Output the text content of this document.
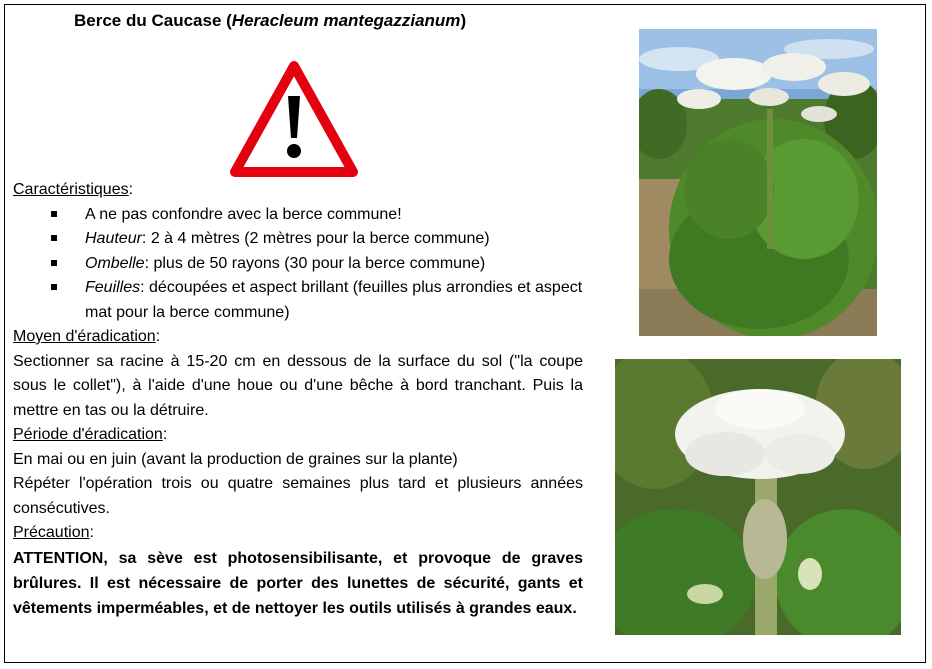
Berce du Caucase (Heracleum mantegazzianum)
Caractéristiques:
A ne pas confondre avec la berce commune!
Hauteur: 2 à 4 mètres (2 mètres pour la berce commune)
Ombelle: plus de 50 rayons (30 pour la berce commune)
Feuilles: découpées et aspect brillant (feuilles plus arrondies et aspect mat pour la berce commune)
Moyen d'éradication:
Sectionner sa racine à 15-20 cm en dessous de la surface du sol ("la coupe sous le collet"), à l'aide d'une houe ou d'une bêche à bord tranchant. Puis la mettre en tas ou la détruire.
Période d'éradication:
En mai ou en juin (avant la production de graines sur la plante)
Répéter l'opération trois ou quatre semaines plus tard et plusieurs années consécutives.
Précaution:
ATTENTION, sa sève est photosensibilisante, et provoque de graves brûlures. Il est nécessaire de porter des lunettes de sécurité, gants et vêtements imperméables, et de nettoyer les outils utilisés à grandes eaux.
